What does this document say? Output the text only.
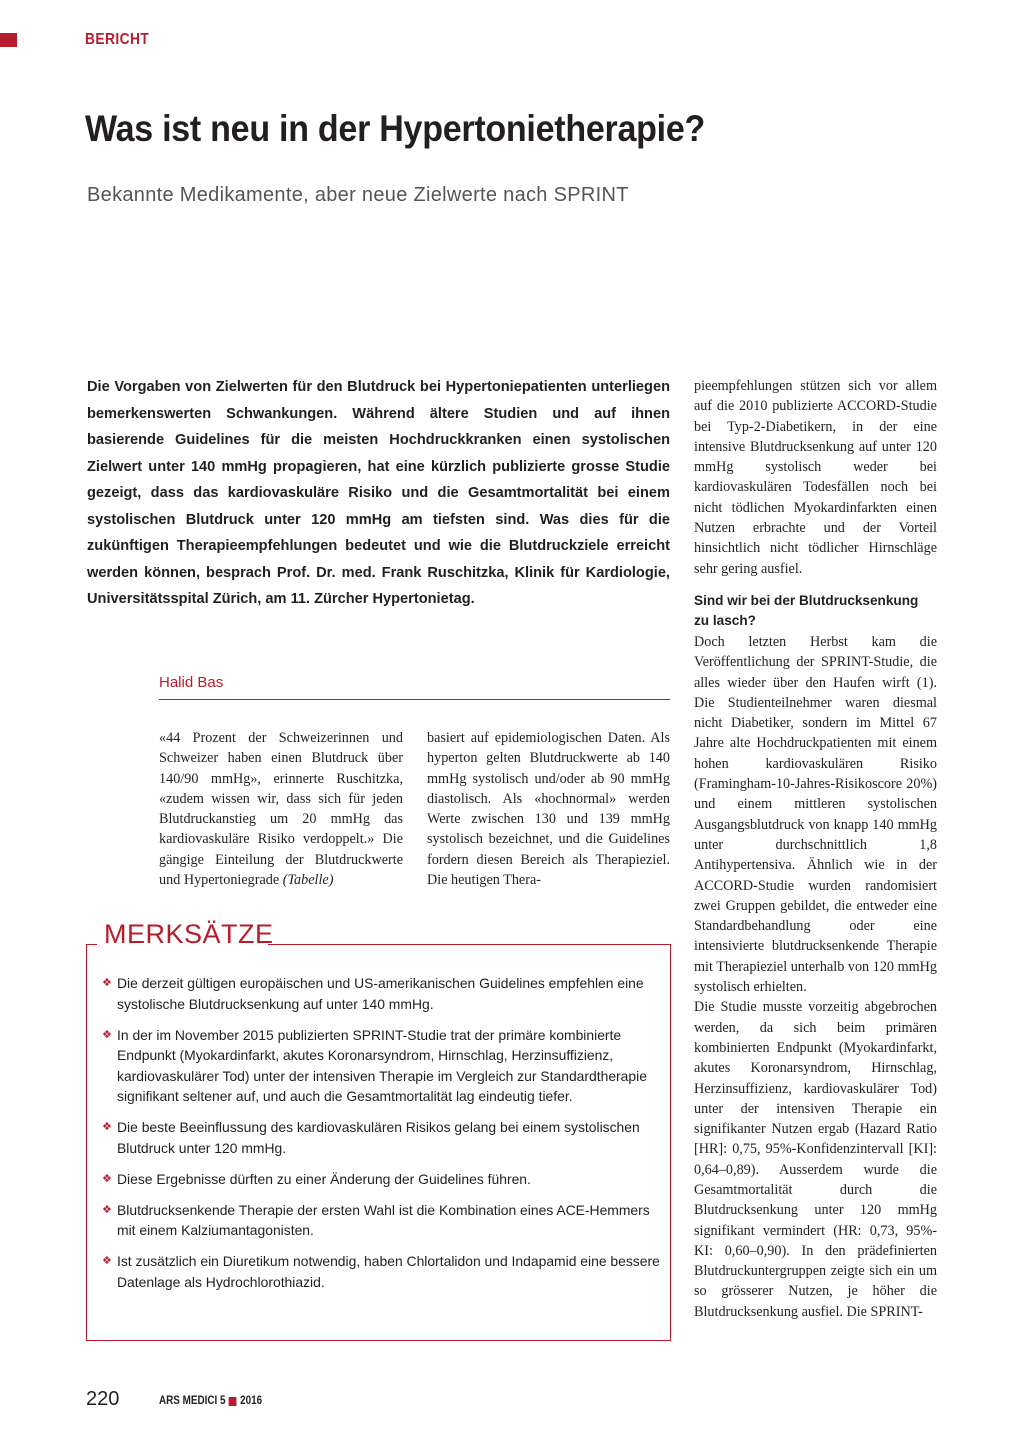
BERICHT
Was ist neu in der Hypertonietherapie?
Bekannte Medikamente, aber neue Zielwerte nach SPRINT

Die Vorgaben von Zielwerten für den Blutdruck bei Hypertoniepatienten unterliegen bemerkenswerten Schwankungen. Während ältere Studien und auf ihnen basierende Guidelines für die meisten Hochdruckkranken einen systolischen Zielwert unter 140 mmHg propagieren, hat eine kürzlich publizierte grosse Studie gezeigt, dass das kardiovaskuläre Risiko und die Gesamtmortalität bei einem systolischen Blutdruck unter 120 mmHg am tiefsten sind. Was dies für die zukünftigen Therapieempfehlungen bedeutet und wie die Blutdruckziele erreicht werden können, besprach Prof. Dr. med. Frank Ruschitzka, Klinik für Kardiologie, Universitätsspital Zürich, am 11. Zürcher Hypertonietag.

Halid Bas
«44 Prozent der Schweizerinnen und Schweizer haben einen Blutdruck über 140/90 mmHg», erinnerte Ruschitzka, «zudem wissen wir, dass sich für jeden Blutdruckanstieg um 20 mmHg das kardiovaskuläre Risiko verdoppelt.» Die gängige Einteilung der Blutdruckwerte und Hypertoniegrade (Tabelle)
basiert auf epidemiologischen Daten. Als hyperton gelten Blutdruckwerte ab 140 mmHg systolisch und/oder ab 90 mmHg diastolisch. Als «hochnormal» werden Werte zwischen 130 und 139 mmHg systolisch bezeichnet, und die Guidelines fordern diesen Bereich als Therapieziel. Die heutigen Thera-
pieempfehlungen stützen sich vor allem auf die 2010 publizierte ACCORD-Studie bei Typ-2-Diabetikern, in der eine intensive Blutdrucksenkung auf unter 120 mmHg systolisch weder bei kardiovaskulären Todesfällen noch bei nicht tödlichen Myokardinfarkten einen Nutzen erbrachte und der Vorteil hinsichtlich nicht tödlicher Hirnschläge sehr gering ausfiel.
Sind wir bei der Blutdrucksenkung zu lasch?
Doch letzten Herbst kam die Veröffentlichung der SPRINT-Studie, die alles wieder über den Haufen wirft (1). Die Studienteilnehmer waren diesmal nicht Diabetiker, sondern im Mittel 67 Jahre alte Hochdruckpatienten mit einem hohen kardiovaskulären Risiko (Framingham-10-Jahres-Risikoscore 20%) und einem mittleren systolischen Ausgangsblutdruck von knapp 140 mmHg unter durchschnittlich 1,8 Antihypertensiva. Ähnlich wie in der ACCORD-Studie wurden randomisiert zwei Gruppen gebildet, die entweder eine Standardbehandlung oder eine intensivierte blutdrucksenkende Therapie mit Therapieziel unterhalb von 120 mmHg systolisch erhielten.
Die Studie musste vorzeitig abgebrochen werden, da sich beim primären kombinierten Endpunkt (Myokardinfarkt, akutes Koronarsyndrom, Hirnschlag, Herzinsuffizienz, kardiovaskulärer Tod) unter der intensiven Therapie ein signifikanter Nutzen ergab (Hazard Ratio [HR]: 0,75, 95%-Konfidenzintervall [KI]: 0,64–0,89). Ausserdem wurde die Gesamtmortalität durch die Blutdrucksenkung unter 120 mmHg signifikant vermindert (HR: 0,73, 95%-KI: 0,60–0,90). In den prädefinierten Blutdruckuntergruppen zeigte sich ein um so grösserer Nutzen, je höher die Blutdrucksenkung ausfiel. Die SPRINT-
MERKSÄTZE
❖ Die derzeit gültigen europäischen und US-amerikanischen Guidelines empfehlen eine systolische Blutdrucksenkung auf unter 140 mmHg.
❖ In der im November 2015 publizierten SPRINT-Studie trat der primäre kombinierte Endpunkt (Myokardinfarkt, akutes Koronarsyndrom, Hirnschlag, Herzinsuffizienz, kardiovaskulärer Tod) unter der intensiven Therapie im Vergleich zur Standardtherapie signifikant seltener auf, und auch die Gesamtmortalität lag eindeutig tiefer.
❖ Die beste Beeinflussung des kardiovaskulären Risikos gelang bei einem systolischen Blutdruck unter 120 mmHg.
❖ Diese Ergebnisse dürften zu einer Änderung der Guidelines führen.
❖ Blutdrucksenkende Therapie der ersten Wahl ist die Kombination eines ACE-Hemmers mit einem Kalziumantagonisten.
❖ Ist zusätzlich ein Diuretikum notwendig, haben Chlortalidon und Indapamid eine bessere Datenlage als Hydrochlorothiazid.
220	ARS MEDICI 5 2016
